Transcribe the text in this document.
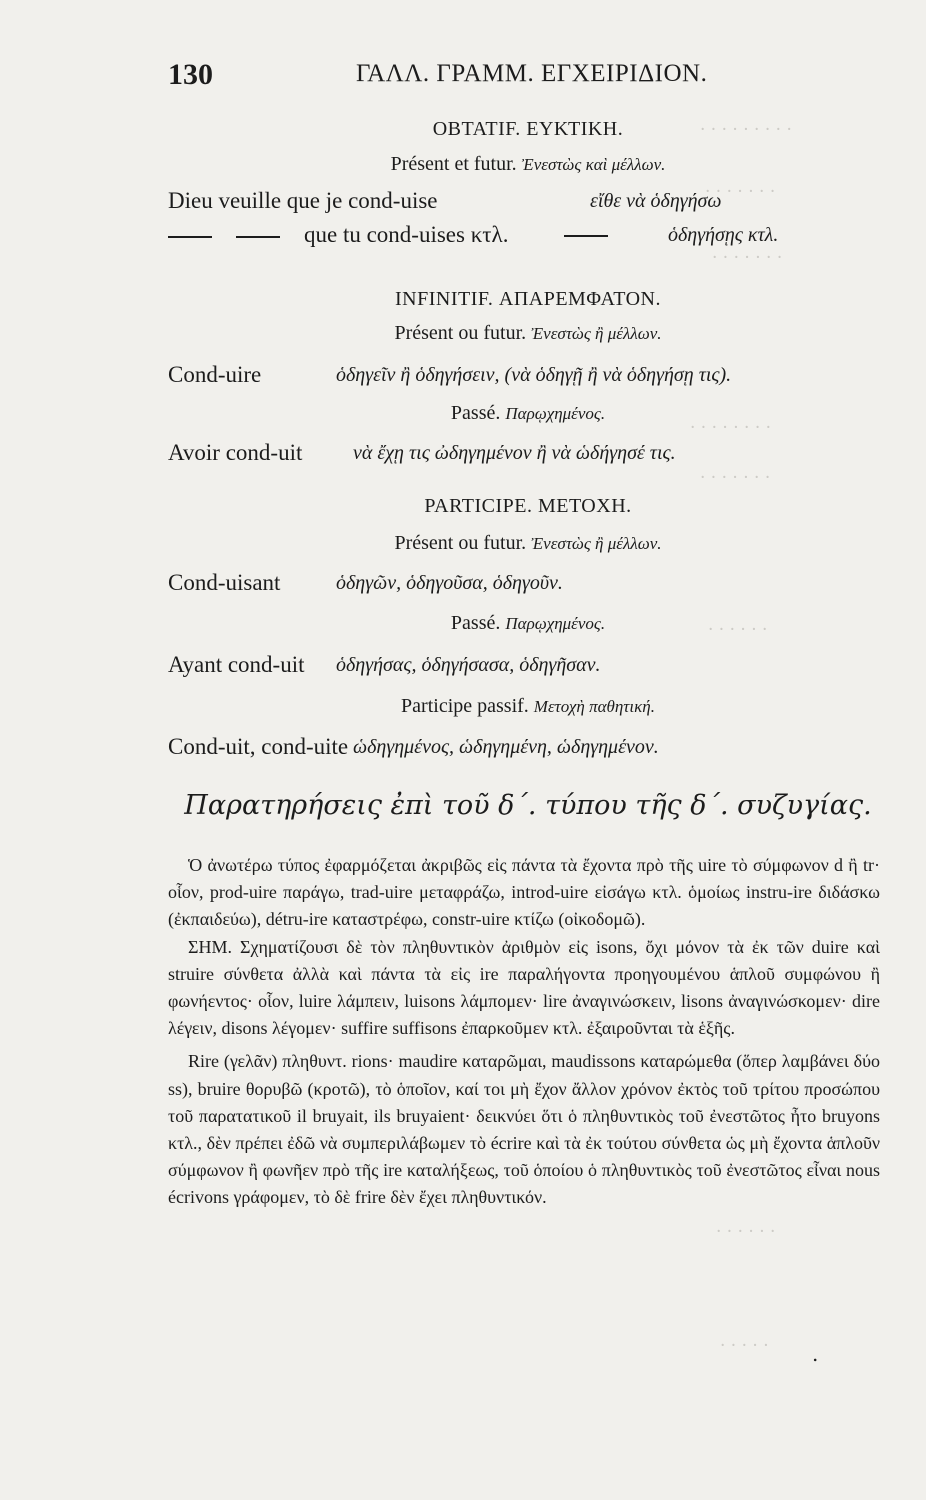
· · · · · · · · ·
· · · · · · ·
· · · · · · ·
· · · · · · · ·
· · · · · · ·
· · · · · ·
· · · · · ·
· · · · ·
130	ΓΑΛΛ. ΓΡΑΜΜ. ΕΓΧΕΙΡΙΔΙΟΝ.
OBTATIF. ΕΥΚΤΙΚΗ.
Présent et futur. Ἐνεστὼς καὶ μέλλων.
Dieu veuille que je cond-uise	εἴθε νὰ ὁδηγήσω
que tu cond-uises κτλ.	ὁδηγήσῃς κτλ.
INFINITIF. ΑΠΑΡΕΜΦΑΤΟΝ.
Présent ou futur. Ἐνεστὼς ἢ μέλλων.
Cond-uire	ὁδηγεῖν ἢ ὁδηγήσειν, (νὰ ὁδηγῇ ἢ νὰ ὁδηγήσῃ τις).
Passé. Παρῳχημένος.
Avoir cond-uit	νὰ ἔχῃ τις ὠδηγημένον ἢ νὰ ὡδήγησέ τις.
PARTICIPE. ΜΕΤΟΧΗ.
Présent ou futur. Ἐνεστὼς ἢ μέλλων.
Cond-uisant	ὁδηγῶν, ὁδηγοῦσα, ὁδηγοῦν.
Passé. Παρῳχημένος.
Ayant cond-uit ὁδηγήσας, ὁδηγήσασα, ὁδηγῆσαν.
Participe passif. Μετοχὴ παθητική.
Cond-uit, cond-uite ὡδηγημένος, ὡδηγημένη, ὡδηγημένον.
Παρατηρήσεις ἐπὶ τοῦ δ΄. τύπου τῆς δ΄. συζυγίας.

Ὁ ἀνωτέρω τύπος ἐφαρμόζεται ἀκριβῶς εἰς πάντα τὰ ἔχοντα πρὸ τῆς uire τὸ σύμφωνον d ἢ tr· οἷον, prod-uire παράγω, trad-uire μεταφράζω, introd-uire εἰσάγω κτλ. ὁμοίως instru-ire διδάσκω (ἐκπαιδεύω), détru-ire καταστρέφω, constr-uire κτίζω (οἰκοδομῶ).

ΣΗΜ. Σχηματίζουσι δὲ τὸν πληθυντικὸν ἀριθμὸν εἰς isons, ὄχι μόνον τὰ ἐκ τῶν duire καὶ struire σύνθετα ἀλλὰ καὶ πάντα τὰ εἰς ire παραλήγοντα προηγουμένου ἁπλοῦ συμφώνου ἢ φωνήεντος· οἷον, luire λάμπειν, luisons λάμπομεν· lire ἀναγινώσκειν, lisons ἀναγινώσκομεν· dire λέγειν, disons λέγομεν· suffire suffisons ἐπαρκοῦμεν κτλ. ἐξαιροῦνται τὰ ἑξῆς.

Rire (γελᾶν) πληθυντ. rions· maudire καταρῶμαι, maudissons καταρώμεθα (ὅπερ λαμβάνει δύο ss), bruire θορυβῶ (κροτῶ), τὸ ὁποῖον, καί τοι μὴ ἔχον ἄλλον χρόνον ἐκτὸς τοῦ τρίτου προσώπου τοῦ παρατατικοῦ il bruyait, ils bruyaient· δεικνύει ὅτι ὁ πληθυντικὸς τοῦ ἐνεστῶτος ἦτο bruyons κτλ., δὲν πρέπει ἐδῶ νὰ συμπεριλάβωμεν τὸ écrire καὶ τὰ ἐκ τούτου σύνθετα ὡς μὴ ἔχοντα ἁπλοῦν σύμφωνον ἢ φωνῆεν πρὸ τῆς ire καταλήξεως, τοῦ ὁποίου ὁ πληθυντικὸς τοῦ ἐνεστῶτος εἶναι nous écrivons γράφομεν, τὸ δὲ frire δὲν ἔχει πληθυντικόν.

.
